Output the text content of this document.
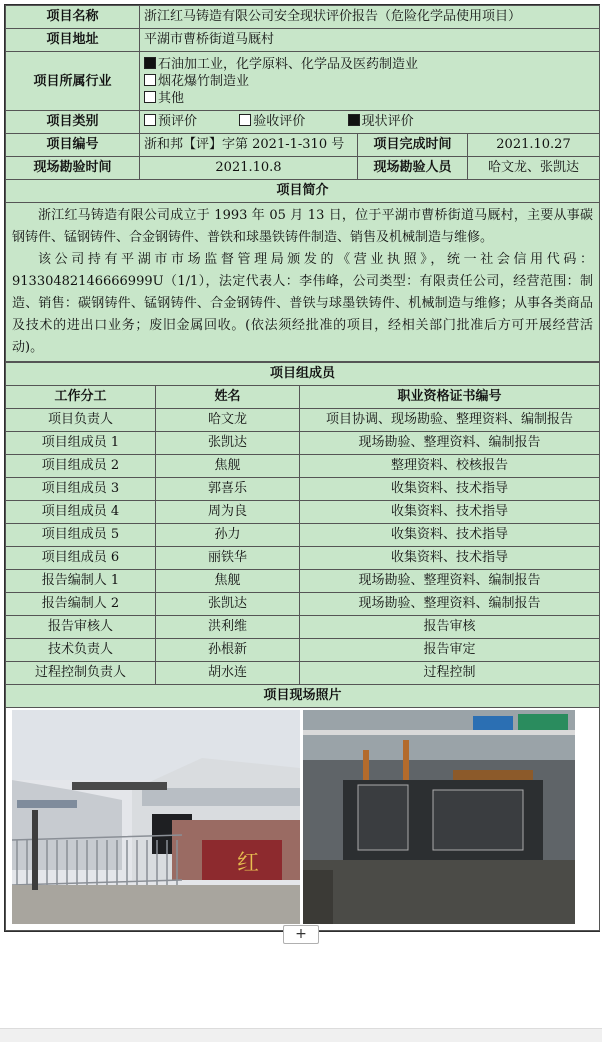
项目名称	浙江红马铸造有限公司安全现状评价报告（危险化学品使用项目）		
项目地址	平湖市曹桥街道马厩村		
项目所属行业	石油加工业，化学原料、化学品及医药制造业
烟花爆竹制造业
其他		

项目类别	预评价 验收评价 现状评价		
项目编号	浙和邦【评】字第 2021-1-310 号	项目完成时间	2021.10.27
现场勘验时间	2021.10.8	现场勘验人员	哈文龙、张凯达
项目简介			

浙江红马铸造有限公司成立于 1993 年 05 月 13 日，位于平湖市曹桥街道马厩村，主要从事碳钢铸件、锰钢铸件、合金钢铸件、普铁和球墨铁铸件制造、销售及机械制造与维修。

该公司持有平湖市市场监督管理局颁发的《营业执照》，统一社会信用代码：91330482146666999U（1/1），法定代表人：李伟峰，公司类型：有限责任公司，经营范围：制造、销售：碳钢铸件、锰钢铸件、合金钢铸件、普铁与球墨铁铸件、机械制造与维修；从事各类商品及技术的进出口业务；废旧金属回收。(依法须经批准的项目，经相关部门批准后方可开展经营活动)。			

项目组成员		
工作分工	姓名	职业资格证书编号
项目负责人	哈文龙	项目协调、现场勘验、整理资料、编制报告
项目组成员 1	张凯达	现场勘验、整理资料、编制报告
项目组成员 2	焦舰	整理资料、校核报告
项目组成员 3	郭喜乐	收集资料、技术指导
项目组成员 4	周为良	收集资料、技术指导
项目组成员 5	孙力	收集资料、技术指导
项目组成员 6	丽铁华	收集资料、技术指导
报告编制人 1	焦舰	现场勘验、整理资料、编制报告
报告编制人 2	张凯达	现场勘验、整理资料、编制报告
报告审核人	洪利维	报告审核
技术负责人	孙根新	报告审定
过程控制负责人	胡水连	过程控制
项目现场照片		

红		
+
